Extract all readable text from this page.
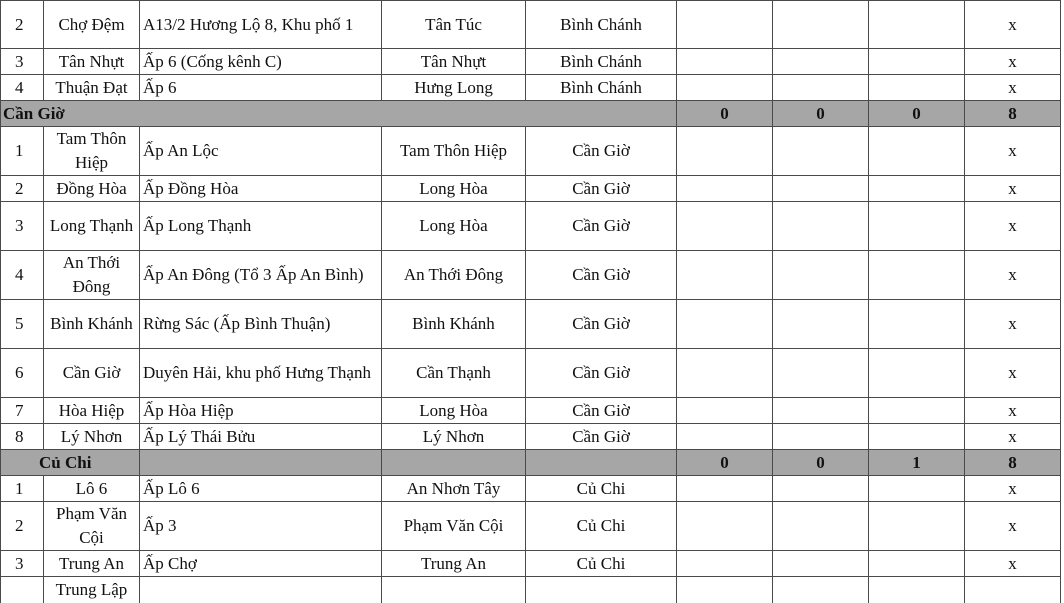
2	Chợ Đệm	A13/2 Hương Lộ 8, Khu phố 1	Tân Túc	Bình Chánh				x
3	Tân Nhựt	Ấp 6 (Cống kênh C)	Tân Nhựt	Bình Chánh				x
4	Thuận Đạt	Ấp 6	Hưng Long	Bình Chánh				x
Cần Giờ					0	0	0	8
1	Tam Thôn Hiệp	Ấp An Lộc	Tam Thôn Hiệp	Cần Giờ				x
2	Đồng Hòa	Ấp Đồng Hòa	Long Hòa	Cần Giờ				x
3	Long Thạnh	Ấp Long Thạnh	Long Hòa	Cần Giờ				x
4	An Thới Đông	Ấp An Đông (Tổ 3 Ấp An Bình)	An Thới Đông	Cần Giờ				x
5	Bình Khánh	Rừng Sác (Ấp Bình Thuận)	Bình Khánh	Cần Giờ				x
6	Cần Giờ	Duyên Hải, khu phố Hưng Thạnh	Cần Thạnh	Cần Giờ				x
7	Hòa Hiệp	Ấp Hòa Hiệp	Long Hòa	Cần Giờ				x
8	Lý Nhơn	Ấp Lý Thái Bửu	Lý Nhơn	Cần Giờ				x
Củ Chi					0	0	1	8
1	Lô 6	Ấp Lô 6	An Nhơn Tây	Củ Chi				x
2	Phạm Văn Cội	Ấp 3	Phạm Văn Cội	Củ Chi				x
3	Trung An	Ấp Chợ	Trung An	Củ Chi				x
	Trung Lập							
